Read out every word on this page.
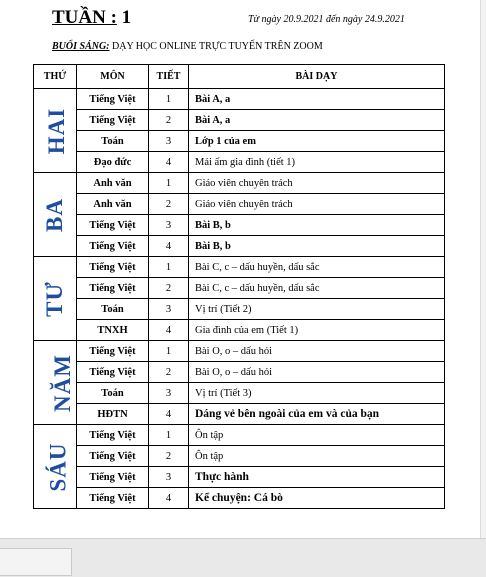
TUẦN : 1	Từ ngày 20.9.2021 đến ngày 24.9.2021
BUỔI SÁNG: DẠY HỌC ONLINE TRỰC TUYẾN TRÊN ZOOM
THỨ	MÔN	TIẾT	BÀI DẠY
HAI	Tiếng Việt	1	Bài A, a
	Tiếng Việt	2	Bài A, a
	Toán	3	Lớp 1 của em
	Đạo đức	4	Mái ấm gia đình (tiết 1)
BA	Anh văn	1	Giáo viên chuyên trách
	Anh văn	2	Giáo viên chuyên trách
	Tiếng Việt	3	Bài B, b
	Tiếng Việt	4	Bài B, b
TƯ	Tiếng Việt	1	Bài C, c – dấu huyền, dấu sắc
	Tiếng Việt	2	Bài C, c – dấu huyền, dấu sắc
	Toán	3	Vị trí (Tiết 2)
	TNXH	4	Gia đình của em (Tiết 1)
NĂM	Tiếng Việt	1	Bài O, o – dấu hỏi
	Tiếng Việt	2	Bài O, o – dấu hỏi
	Toán	3	Vị trí (Tiết 3)
	HĐTN	4	Dáng vẻ bên ngoài của em và của bạn
SÁU	Tiếng Việt	1	Ôn tập
	Tiếng Việt	2	Ôn tập
	Tiếng Việt	3	Thực hành
	Tiếng Việt	4	Kể chuyện: Cá bò
